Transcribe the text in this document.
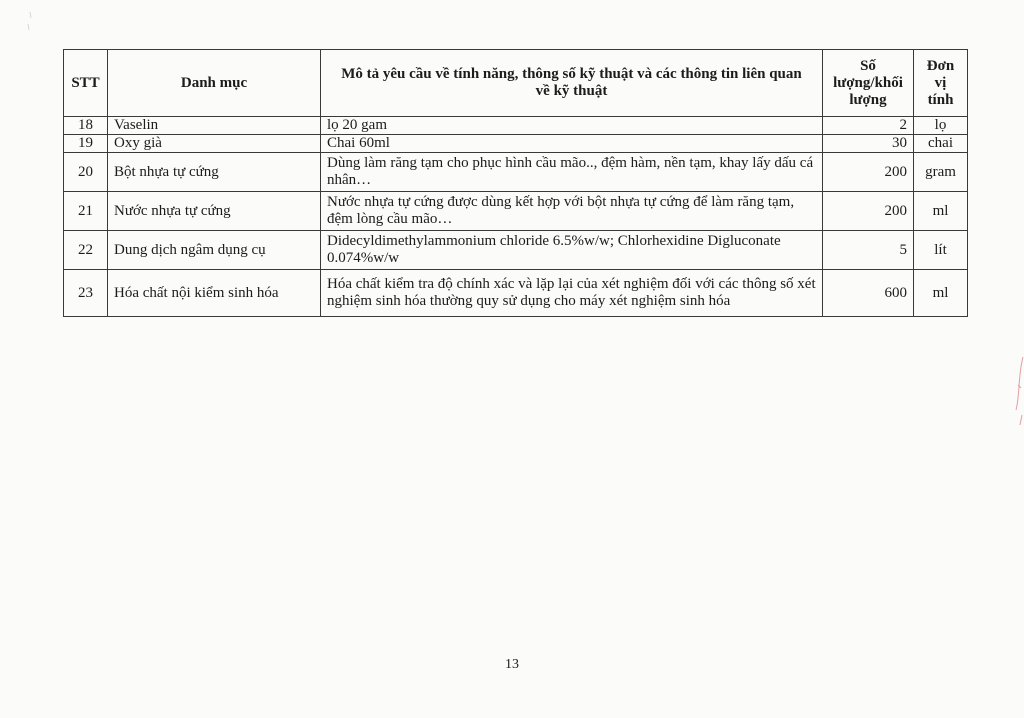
STT	Danh mục	Mô tả yêu cầu về tính năng, thông số kỹ thuật và các thông tin liên quan về kỹ thuật	Số lượng/khối lượng	Đơn vị tính
18	Vaselin	lọ 20 gam	2	lọ
19	Oxy già	Chai 60ml	30	chai
20	Bột nhựa tự cứng	Dùng làm răng tạm cho phục hình cầu mão.., đệm hàm, nền tạm, khay lấy dấu cá nhân…	200	gram
21	Nước nhựa tự cứng	Nước nhựa tự cứng được dùng kết hợp với bột nhựa tự cứng để làm răng tạm, đệm lòng cầu mão…	200	ml
22	Dung dịch ngâm dụng cụ	Didecyldimethylammonium chloride 6.5%w/w; Chlorhexidine Digluconate 0.074%w/w	5	lít
23	Hóa chất nội kiểm sinh hóa	Hóa chất kiểm tra độ chính xác và lặp lại của xét nghiệm đối với các thông số xét nghiệm sinh hóa thường quy sử dụng cho máy xét nghiệm sinh hóa	600	ml
13
